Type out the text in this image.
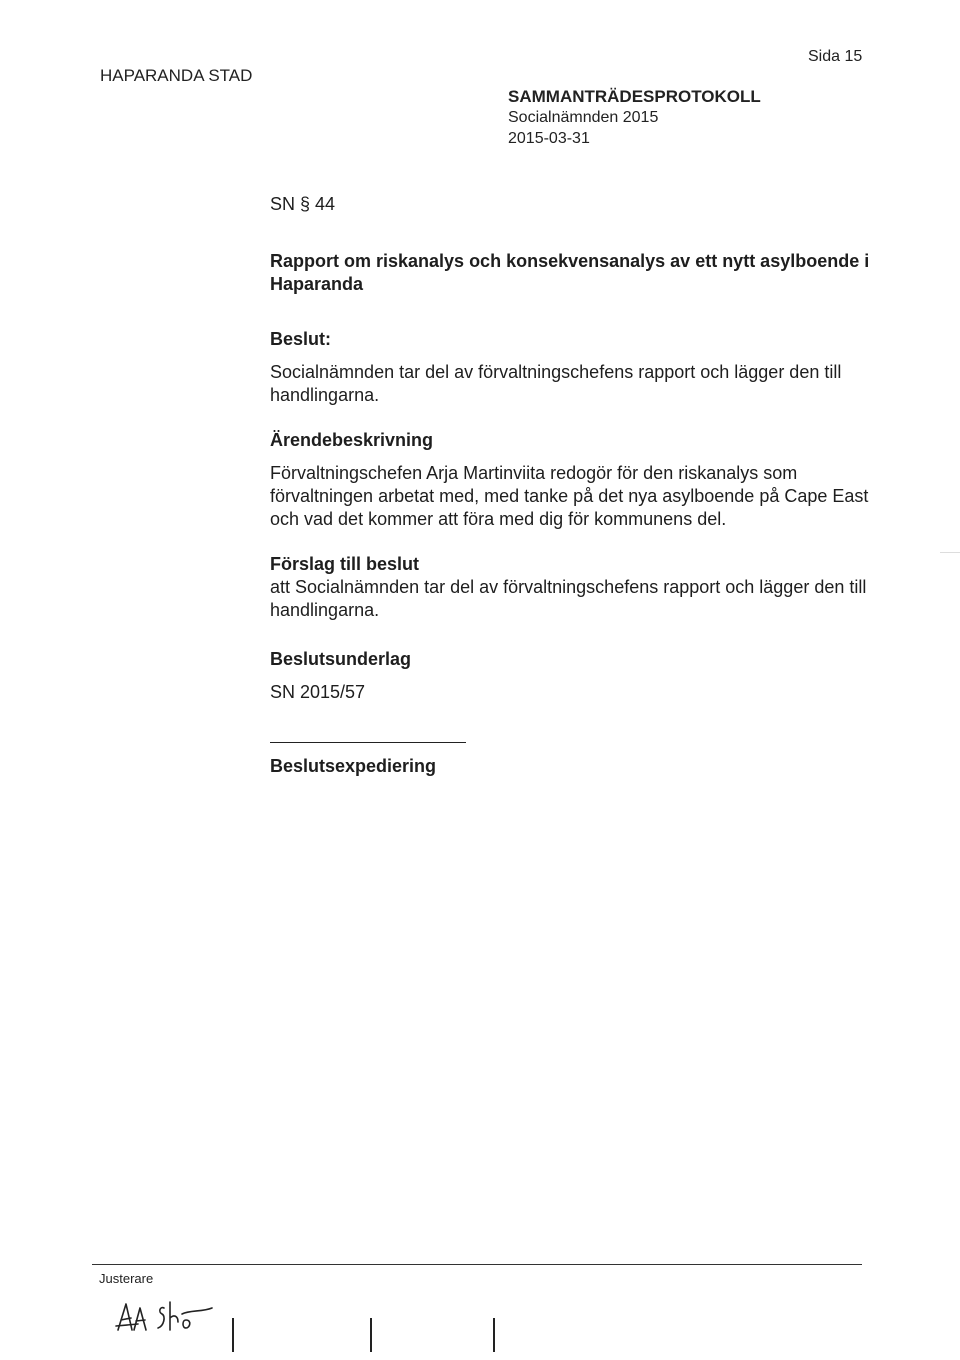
HAPARANDA STAD
Sida 15
SAMMANTRÄDESPROTOKOLL
Socialnämnden 2015
2015-03-31

SN § 44

Rapport om riskanalys och konsekvensanalys av ett nytt asylboende i Haparanda

Beslut:

Socialnämnden tar del av förvaltningschefens rapport och lägger den till handlingarna.

Ärendebeskrivning

Förvaltningschefen Arja Martinviita redogör för den riskanalys som förvaltningen arbetat med, med tanke på det nya asylboende på Cape East och vad det kommer att föra med dig för kommunens del.

Förslag till beslut

att Socialnämnden tar del av förvaltningschefens rapport och lägger den till handlingarna.

Beslutsunderlag

SN 2015/57

Beslutsexpediering

Justerare
